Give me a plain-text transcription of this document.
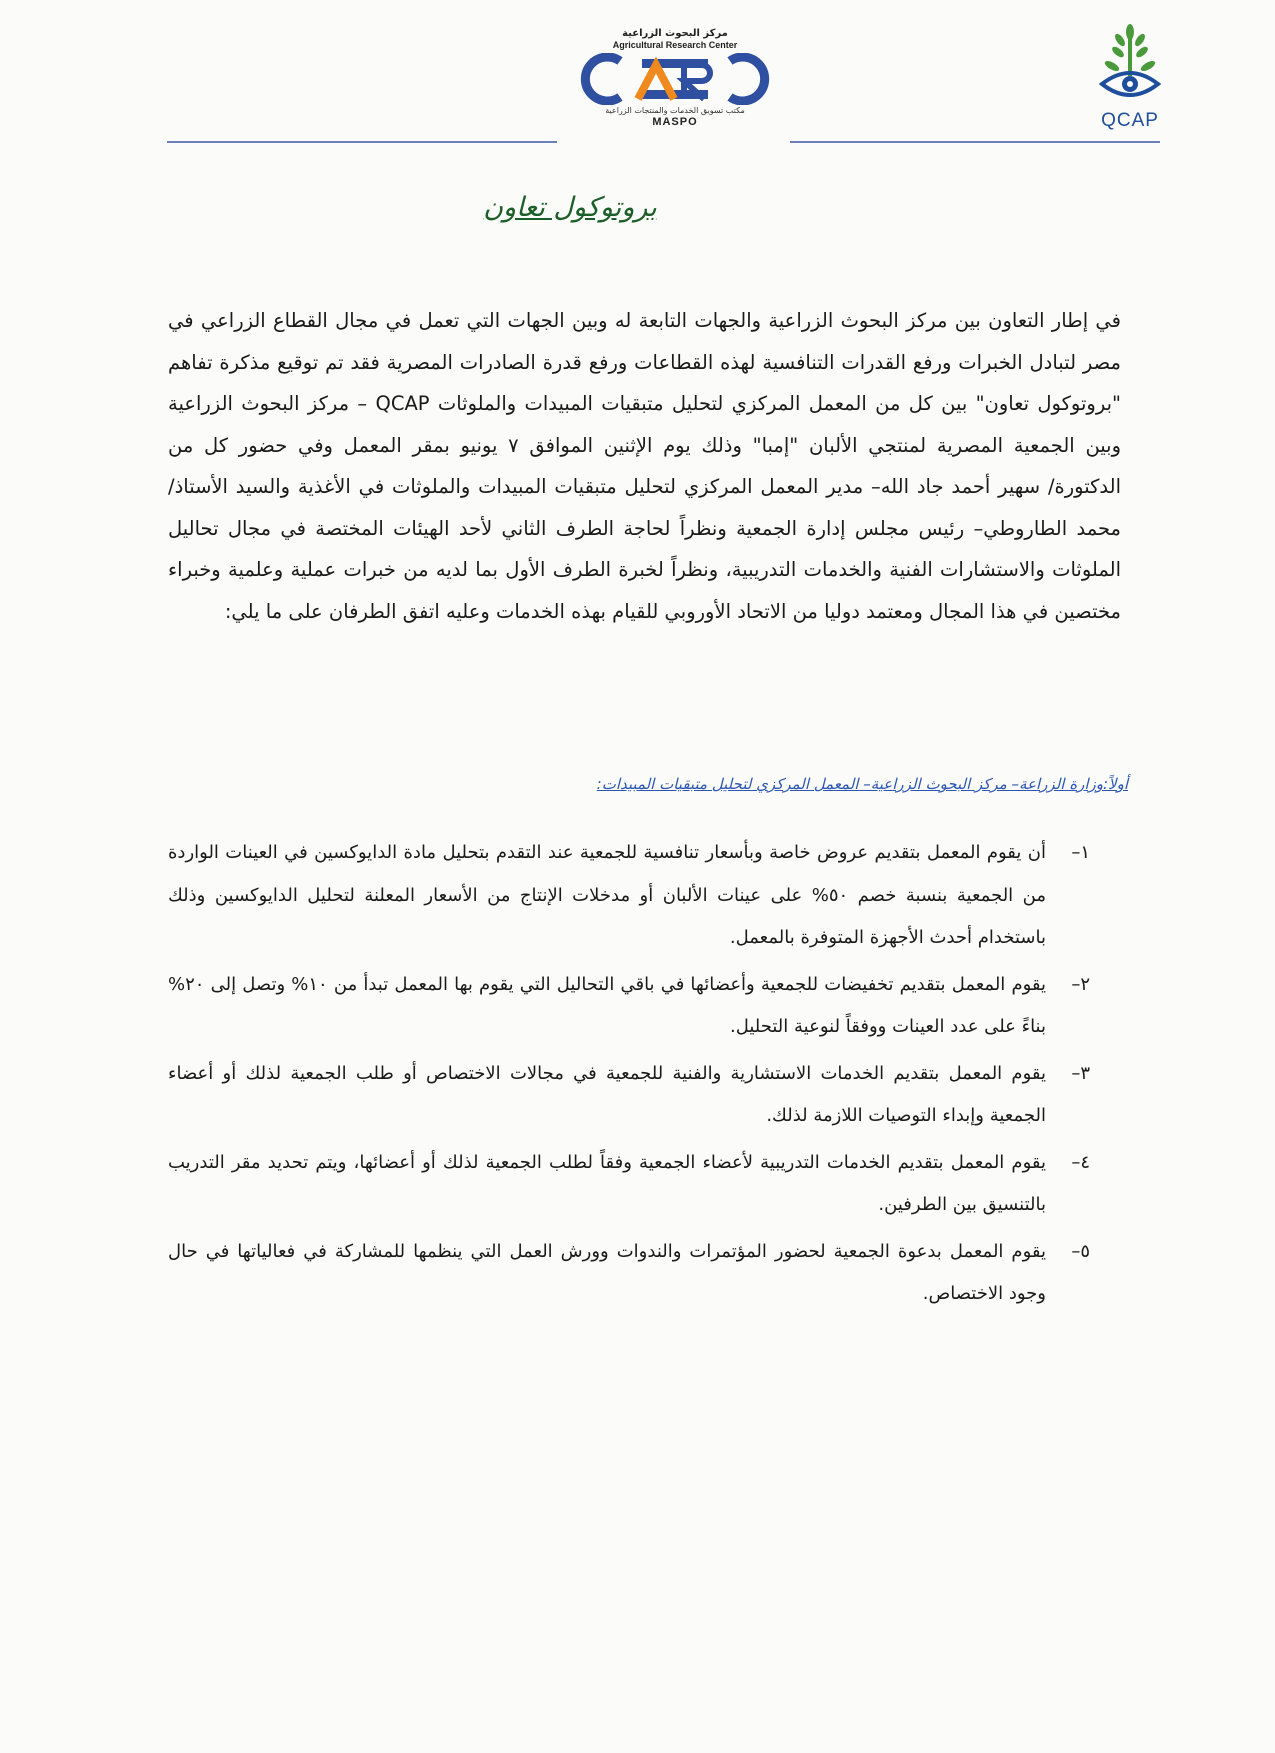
مركز البحوث الزراعية
Agricultural Research Center
مكتب تسويق الخدمات والمنتجات الزراعية
MASPO	QCAP
بروتوكول تعاون

في إطار التعاون بين مركز البحوث الزراعية والجهات التابعة له وبين الجهات التي تعمل في مجال القطاع الزراعي في مصر لتبادل الخبرات ورفع القدرات التنافسية لهذه القطاعات ورفع قدرة الصادرات المصرية فقد تم توقيع مذكرة تفاهم "بروتوكول تعاون" بين كل من المعمل المركزي لتحليل متبقيات المبيدات والملوثات QCAP – مركز البحوث الزراعية وبين الجمعية المصرية لمنتجي الألبان "إمبا" وذلك يوم الإثنين الموافق ٧ يونيو بمقر المعمل وفي حضور كل من الدكتورة/ سهير أحمد جاد الله– مدير المعمل المركزي لتحليل متبقيات المبيدات والملوثات في الأغذية والسيد الأستاذ/ محمد الطاروطي– رئيس مجلس إدارة الجمعية ونظراً لحاجة الطرف الثاني لأحد الهيئات المختصة في مجال تحاليل الملوثات والاستشارات الفنية والخدمات التدريبية، ونظراً لخبرة الطرف الأول بما لديه من خبرات عملية وعلمية وخبراء مختصين في هذا المجال ومعتمد دوليا من الاتحاد الأوروبي للقيام بهذه الخدمات وعليه اتفق الطرفان على ما يلي:

أولاً:وزارة الزراعة– مركز البحوث الزراعية– المعمل المركزي لتحليل متبقيات المبيدات:

١–
أن يقوم المعمل بتقديم عروض خاصة وبأسعار تنافسية للجمعية عند التقدم بتحليل مادة الدايوكسين في العينات الواردة من الجمعية بنسبة خصم ٥٠% على عينات الألبان أو مدخلات الإنتاج من الأسعار المعلنة لتحليل الدايوكسين وذلك باستخدام أحدث الأجهزة المتوفرة بالمعمل.
٢–
يقوم المعمل بتقديم تخفيضات للجمعية وأعضائها في باقي التحاليل التي يقوم بها المعمل تبدأ من ١٠% وتصل إلى ٢٠% بناءً على عدد العينات ووفقاً لنوعية التحليل.
٣–
يقوم المعمل بتقديم الخدمات الاستشارية والفنية للجمعية في مجالات الاختصاص أو طلب الجمعية لذلك أو أعضاء الجمعية وإبداء التوصيات اللازمة لذلك.
٤–
يقوم المعمل بتقديم الخدمات التدريبية لأعضاء الجمعية وفقاً لطلب الجمعية لذلك أو أعضائها، ويتم تحديد مقر التدريب بالتنسيق بين الطرفين.
٥–
يقوم المعمل بدعوة الجمعية لحضور المؤتمرات والندوات وورش العمل التي ينظمها للمشاركة في فعالياتها في حال وجود الاختصاص.
